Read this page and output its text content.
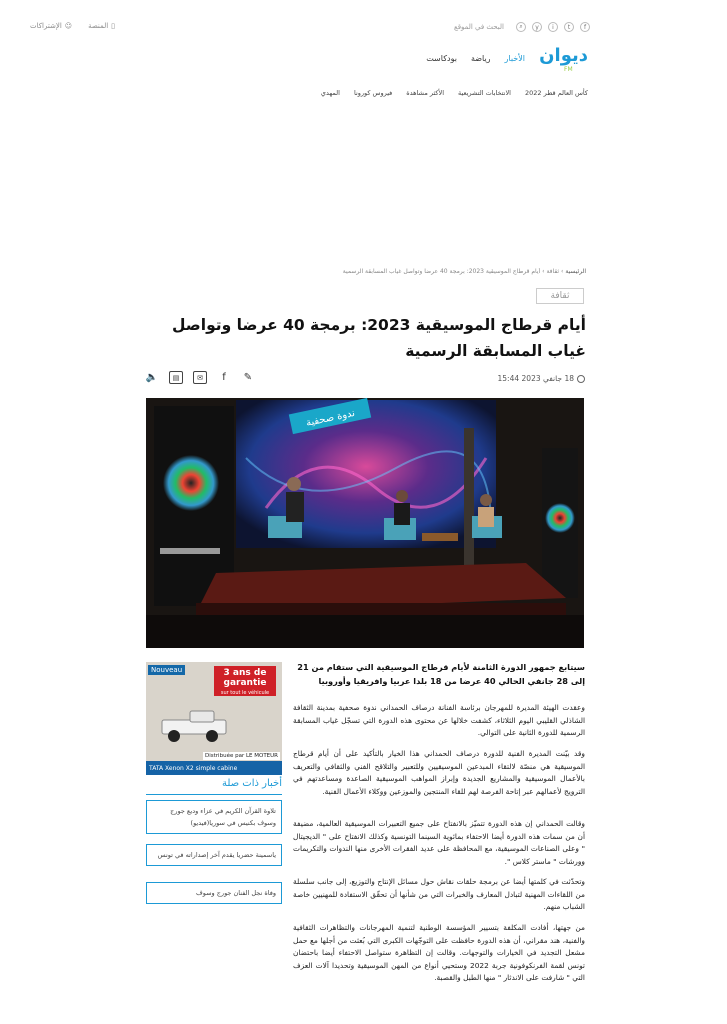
▯
المنصة
☺
الإشتراكات	البحث في الموقع	⌕	y	i	t	f
ديوان
FM
الأخبار
رياضة
بودكاست
كأس العالم قطر 2022
الانتخابات التشريعية
الأكثر مشاهدة
فيروس كورونا
المهدي
الرئيسية › ثقافة › أيام قرطاج الموسيقية 2023: برمجة 40 عرضا وتواصل غياب المسابقة الرسمية
ثقافة
أيام قرطاج الموسيقية 2023: برمجة 40 عرضا وتواصل غياب المسابقة الرسمية
18 جانفي 2023 15:44
🔈	▤	✉	f	✎
ندوة صحفية
Nouveau	3 ans de garantie
sur tout le véhicule
Distribuée par LE MOTEUR
TATA Xenon X2 simple cabine
أخبار ذات صلة
تلاوة القرآن الكريم في عزاء وديع جورج وسوف بكنيس في سوريا(فيديو)
ياسمينة حضريا يقدم آخر إصداراته في تونس
وفاة نجل الفنان جورج وسوف

سيتابع جمهور الدورة الثامنة لأيام قرطاج الموسيقية التي ستقام من 21 إلى 28 جانفي الحالي 40 عرضا من 18 بلدا عربيا وافريقيا وأوروبيا

وعقدت الهيئة المديرة للمهرجان برئاسة الفنانة درصاف الحمداني ندوة صحفية بمدينة الثقافة الشاذلي القليبي اليوم الثلاثاء، كشفت خلالها عن محتوى هذه الدورة التي تسجّل غياب المسابقة الرسمية للدورة الثانية على التوالي.

وقد بيّنت المديرة الفنية للدورة درصاف الحمداني هذا الخيار بالتأكيد على أن أيام قرطاج الموسيقية هي منصّة لالتقاء المبدعين الموسيقيين وللتعبير والتلاقح الفني والثقافي والتعريف بالأعمال الموسيقية والمشاريع الجديدة وإبراز المواهب الموسيقية الصاعدة ومساعدتهم في الترويج لأعمالهم عبر إتاحة الفرصة لهم للقاء المنتجين والموزعين ووكلاء الأعمال الفنية.

وقالت الحمداني إن هذه الدورة تتميّز بالانفتاح على جميع التعبيرات الموسيقية العالمية، مضيفة أن من سمات هذه الدورة أيضا الاحتفاء بمائوية السينما التونسية وكذلك الانفتاح على " الديجيتال " وعلى الصناعات الموسيقية، مع المحافظة على عديد الفقرات الأخرى منها الندوات والتكريمات وورشات " ماستر كلاس ".

وتحدّثت في كلمتها أيضا عن برمجة حلقات نقاش حول مسائل الإنتاج والتوزيع، إلى جانب سلسلة من اللقاءات المهنية لتبادل المعارف والخبرات التي من شأنها أن تحقّق الاستفادة للمهنيين خاصة الشباب منهم.

من جهتها، أفادت المكلفة بتسيير المؤسسة الوطنية لتنمية المهرجانات والتظاهرات الثقافية والفنية، هند مقراني، أن هذه الدورة حافظت على التوجّهات الكبرى التي بُعثت من أجلها مع حمل مشعل التجديد في الخيارات والتوجهات. وقالت إن التظاهرة ستواصل الاحتفاء أيضا باحتضان تونس لقمة الفرنكوفونية جربة 2022 وستحيي أنواع من المهن الموسيقية وتحديدا آلات العزف التي " شارفت على الاندثار " منها الطبل والقصبة.
